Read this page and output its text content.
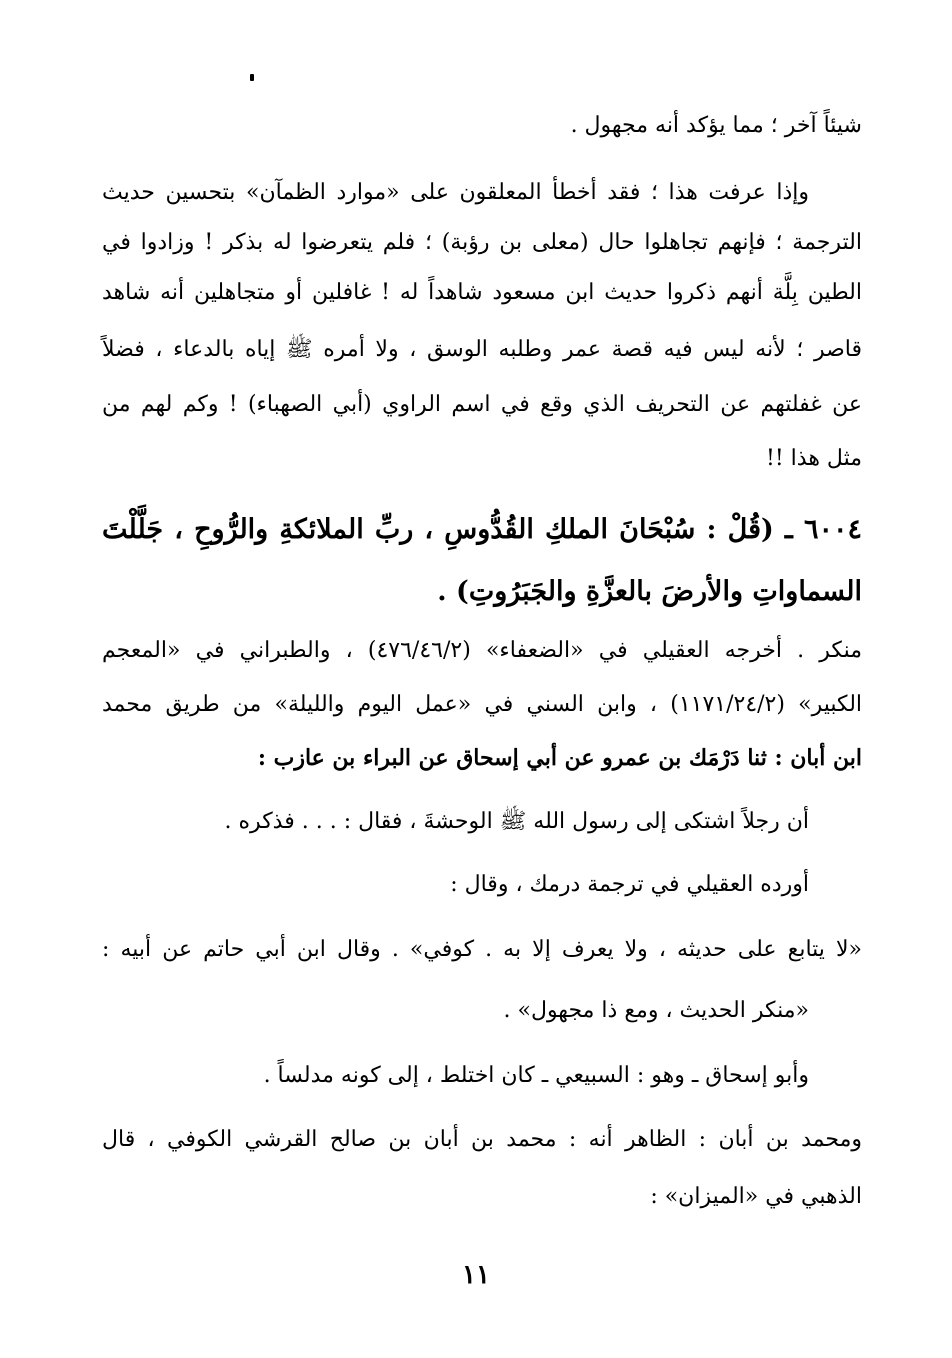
شيئاً آخر ؛ مما يؤكد أنه مجهول .
وإذا عرفت هذا ؛ فقد أخطأ المعلقون على «موارد الظمآن» بتحسين حديث
الترجمة ؛ فإنهم تجاهلوا حال (معلى بن رؤبة) ؛ فلم يتعرضوا له بذكر ! وزادوا في
الطين بِلَّة أنهم ذكروا حديث ابن مسعود شاهداً له ! غافلين أو متجاهلين أنه شاهد
قاصر ؛ لأنه ليس فيه قصة عمر وطلبه الوسق ، ولا أمره ﷺ إياه بالدعاء ، فضلاً
عن غفلتهم عن التحريف الذي وقع في اسم الراوي (أبي الصهباء) ! وكم لهم من
مثل هذا !!
٦٠٠٤ ـ (قُلْ : سُبْحَانَ الملكِ القُدُّوسِ ، ربِّ الملائكةِ والرُّوحِ ، جَلَّلْتَ
السماواتِ والأرضَ بالعزَّةِ والجَبَرُوتِ) .
منكر . أخرجه العقيلي في «الضعفاء» (٤٧٦/٤٦/٢) ، والطبراني في «المعجم
الكبير» (١١٧١/٢٤/٢) ، وابن السني في «عمل اليوم والليلة» من طريق محمد
ابن أبان : ثنا دَرْمَك بن عمرو عن أبي إسحاق عن البراء بن عازب :
أن رجلاً اشتكى إلى رسول الله ﷺ الوحشةَ ، فقال : . . . فذكره .
أورده العقيلي في ترجمة درمك ، وقال :
«لا يتابع على حديثه ، ولا يعرف إلا به . كوفي» . وقال ابن أبي حاتم عن أبيه :
«منكر الحديث ، ومع ذا مجهول» .
وأبو إسحاق ـ وهو : السبيعي ـ كان اختلط ، إلى كونه مدلساً .
ومحمد بن أبان : الظاهر أنه : محمد بن أبان بن صالح القرشي الكوفي ، قال
الذهبي في «الميزان» :
١١
